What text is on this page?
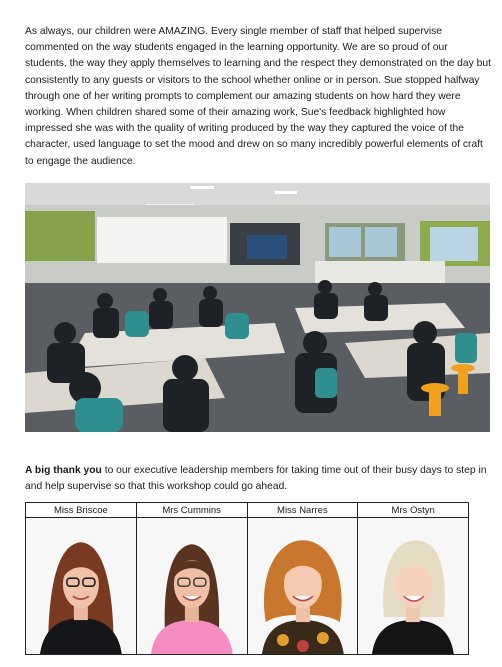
As always, our children were AMAZING. Every single member of staff that helped supervise commented on the way students engaged in the learning opportunity. We are so proud of our students, the way they apply themselves to learning and the respect they demonstrated on the day but consistently to any guests or visitors to the school whether online or in person. Sue stopped halfway through one of her writing prompts to complement our amazing students on how hard they were working. When children shared some of their amazing work, Sue's feedback highlighted how impressed she was with the quality of writing produced by the way they captured the voice of the character, used language to set the mood and drew on so many incredibly powerful elements of craft to engage the audience.

A big thank you to our executive leadership members for taking time out of their busy days to step in and help supervise so that this workshop could go ahead.

Miss Briscoe	Mrs Cummins	Miss Narres	Mrs Ostyn
